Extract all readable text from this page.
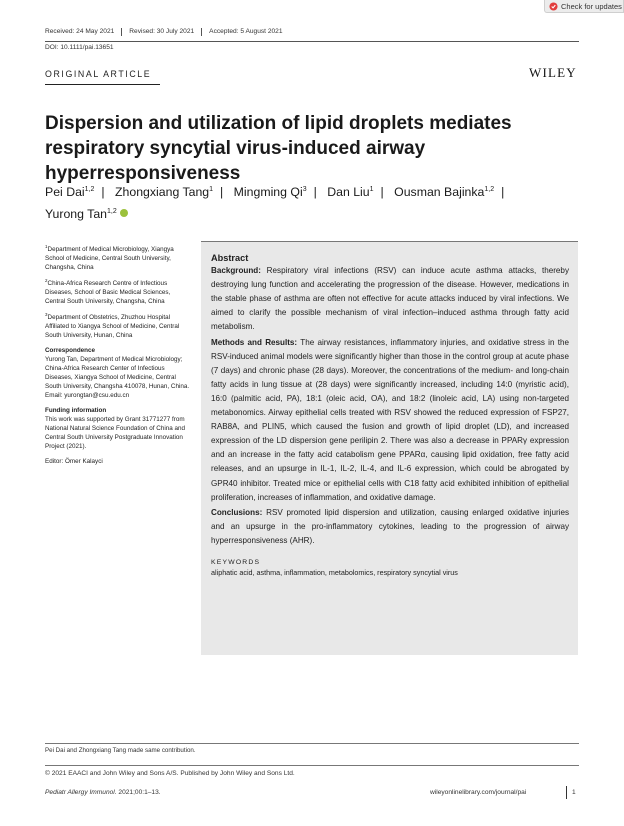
Check for updates
Received: 24 May 2021	Revised: 30 July 2021	Accepted: 5 August 2021
DOI: 10.1111/pai.13651
ORIGINAL ARTICLE	WILEY
Dispersion and utilization of lipid droplets mediates respiratory syncytial virus-induced airway hyperresponsiveness
Pei Dai$^{1,2}$ | Zhongxiang Tang$^1$ | Mingming Qi$^3$ | Dan Liu$^1$ | Ousman Bajinka$^{1,2}$ |
Yurong Tan$^{1,2}$
$^1$Department of Medical Microbiology, Xiangya School of Medicine, Central South University, Changsha, China
$^2$China-Africa Research Centre of Infectious Diseases, School of Basic Medical Sciences, Central South University, Changsha, China
$^3$Department of Obstetrics, Zhuzhou Hospital Affiliated to Xiangya School of Medicine, Central South University, Hunan, China
Correspondence
Yurong Tan, Department of Medical Microbiology; China-Africa Research Center of Infectious Diseases, Xiangya School of Medicine, Central South University, Changsha 410078, Hunan, China.
Email: yurongtan@csu.edu.cn
Funding information
This work was supported by Grant 31771277 from National Natural Science Foundation of China and Central South University Postgraduate Innovation Project (2021).
Editor: Ömer Kalayci
Abstract

Background: Respiratory viral infections (RSV) can induce acute asthma attacks, thereby destroying lung function and accelerating the progression of the disease. However, medications in the stable phase of asthma are often not effective for acute attacks induced by viral infections. We aimed to clarify the possible mechanism of viral infection–induced asthma through fatty acid metabolism.

Methods and Results: The airway resistances, inflammatory injuries, and oxidative stress in the RSV-induced animal models were significantly higher than those in the control group at acute phase (7 days) and chronic phase (28 days). Moreover, the concentrations of the medium- and long-chain fatty acids in lung tissue at (28 days) were significantly increased, including 14:0 (myristic acid), 16:0 (palmitic acid, PA), 18:1 (oleic acid, OA), and 18:2 (linoleic acid, LA) using non-targeted metabonomics. Airway epithelial cells treated with RSV showed the reduced expression of FSP27, RAB8A, and PLIN5, which caused the fusion and growth of lipid droplet (LD), and increased expression of the LD dispersion gene perilipin 2. There was also a decrease in PPARγ expression and an increase in the fatty acid catabolism gene PPARα, causing lipid oxidation, free fatty acid releases, and an upsurge in IL-1, IL-2, IL-4, and IL-6 expression, which could be abrogated by GPR40 inhibitor. Treated mice or epithelial cells with C18 fatty acid exhibited inhibition of epithelial proliferation, increases of inflammation, and oxidative damage.

Conclusions: RSV promoted lipid dispersion and utilization, causing enlarged oxidative injuries and an upsurge in the pro-inflammatory cytokines, leading to the progression of airway hyperresponsiveness (AHR).

KEYWORDS
aliphatic acid, asthma, inflammation, metabolomics, respiratory syncytial virus
Pei Dai and Zhongxiang Tang made same contribution.
© 2021 EAACI and John Wiley and Sons A/S. Published by John Wiley and Sons Ltd.
Pediatr Allergy Immunol. 2021;00:1–13.	wileyonlinelibrary.com/journal/pai	1
